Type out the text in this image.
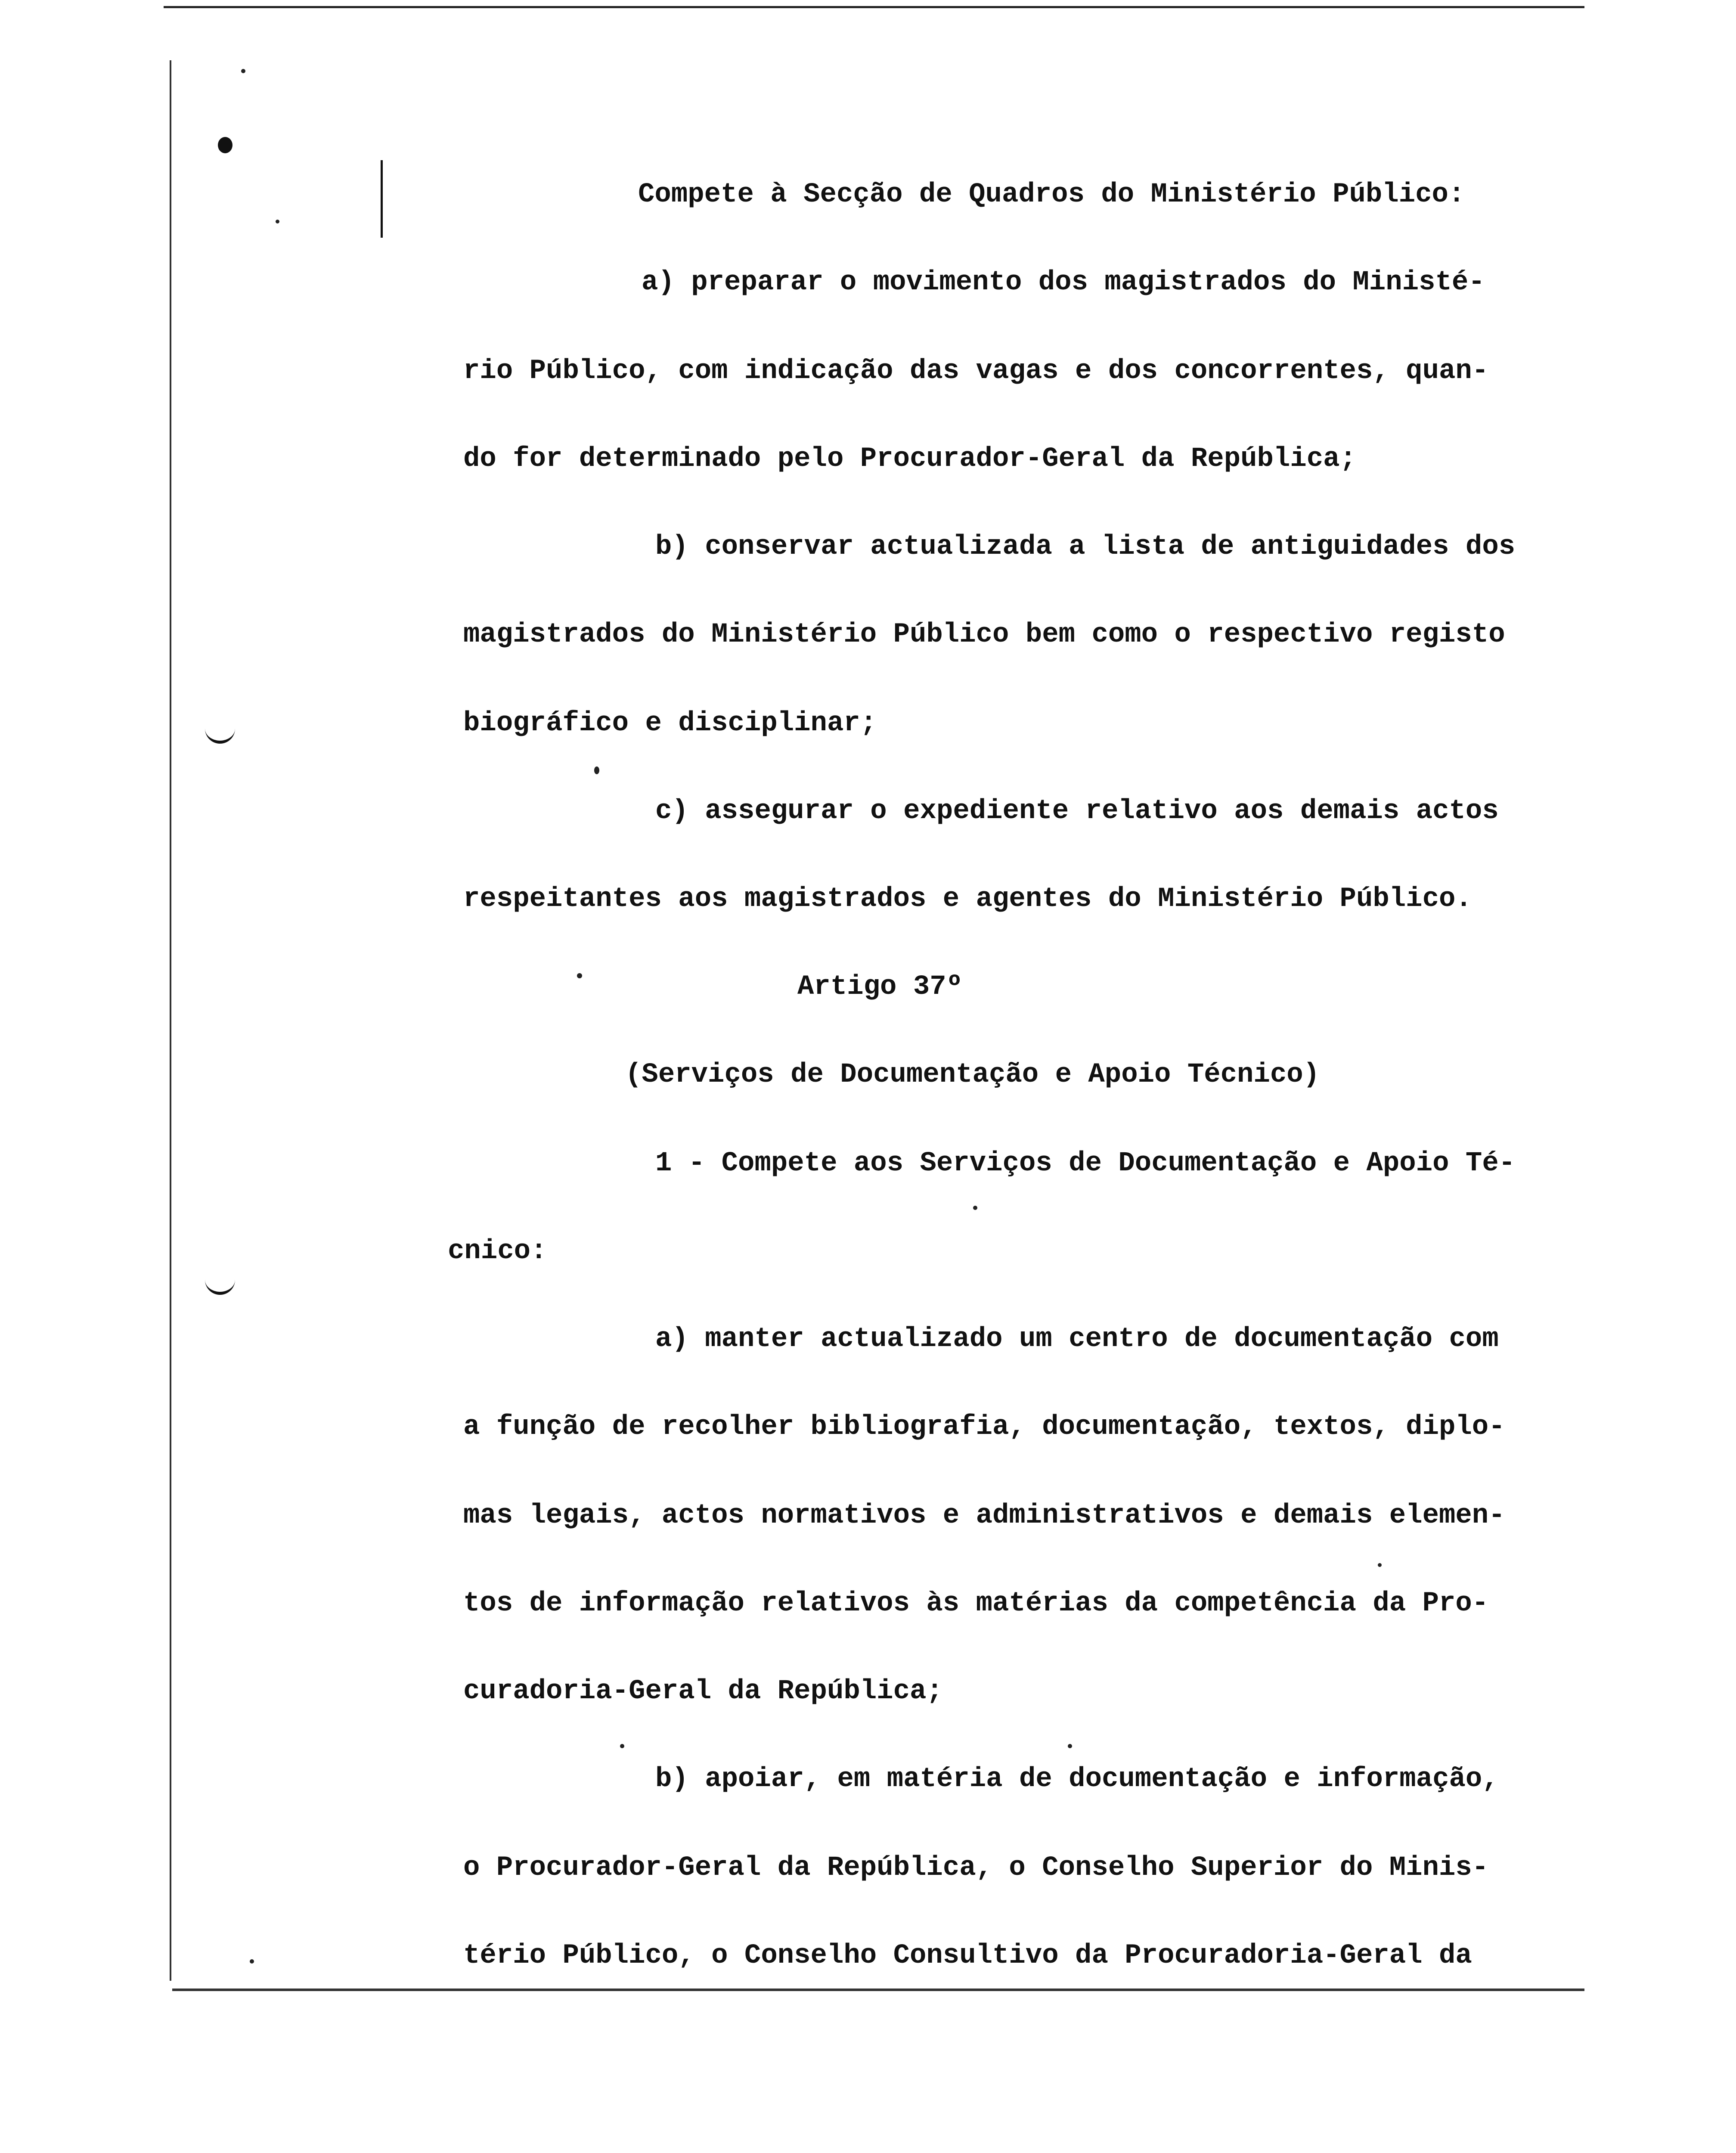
Compete à Secção de Quadros do Ministério Público:

a) preparar o movimento dos magistrados do Ministé-

rio Público, com indicação das vagas e dos concorrentes, quan-

do for determinado pelo Procurador-Geral da República;

b) conservar actualizada a lista de antiguidades dos

magistrados do Ministério Público bem como o respectivo registo

biográfico e disciplinar;

c) assegurar o expediente relativo aos demais actos

respeitantes aos magistrados e agentes do Ministério Público.

Artigo 37º

(Serviços de Documentação e Apoio Técnico)

1 - Compete aos Serviços de Documentação e Apoio Té-

cnico:

a) manter actualizado um centro de documentação com

a função de recolher bibliografia, documentação, textos, diplo-

mas legais, actos normativos e administrativos e demais elemen-

tos de informação relativos às matérias da competência da Pro-

curadoria-Geral da República;

b) apoiar, em matéria de documentação e informação,

o Procurador-Geral da República, o Conselho Superior do Minis-

tério Público, o Conselho Consultivo da Procuradoria-Geral da
